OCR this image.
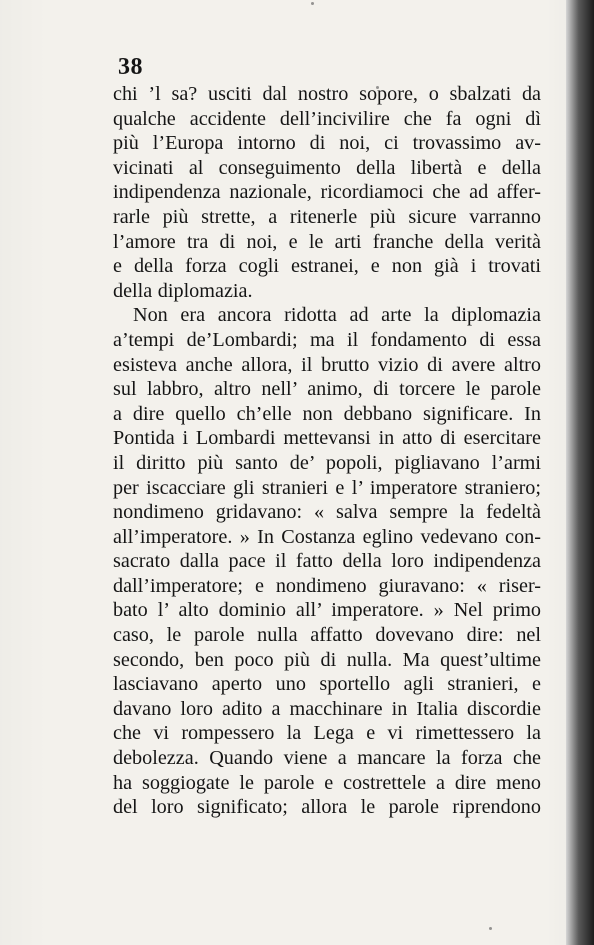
38
chi ’l sa? usciti dal nostro sopore, o sbalzati da
qualche accidente dell’incivilire che fa ogni dì
più l’Europa intorno di noi, ci trovassimo av-
vicinati al conseguimento della libertà e della
indipendenza nazionale, ricordiamoci che ad affer-
rarle più strette, a ritenerle più sicure varranno
l’amore tra di noi, e le arti franche della verità
e della forza cogli estranei, e non già i trovati
della diplomazia.
Non era ancora ridotta ad arte la diplomazia
a’tempi de’Lombardi; ma il fondamento di essa
esisteva anche allora, il brutto vizio di avere altro
sul labbro, altro nell’ animo, di torcere le parole
a dire quello ch’elle non debbano significare. In
Pontida i Lombardi mettevansi in atto di esercitare
il diritto più santo de’ popoli, pigliavano l’armi
per iscacciare gli stranieri e l’ imperatore straniero;
nondimeno gridavano: « salva sempre la fedeltà
all’imperatore. » In Costanza eglino vedevano con-
sacrato dalla pace il fatto della loro indipendenza
dall’imperatore; e nondimeno giuravano: « riser-
bato l’ alto dominio all’ imperatore. » Nel primo
caso, le parole nulla affatto dovevano dire: nel
secondo, ben poco più di nulla. Ma quest’ultime
lasciavano aperto uno sportello agli stranieri, e
davano loro adito a macchinare in Italia discordie
che vi rompessero la Lega e vi rimettessero la
debolezza. Quando viene a mancare la forza che
ha soggiogate le parole e costrettele a dire meno
del loro significato; allora le parole riprendono
